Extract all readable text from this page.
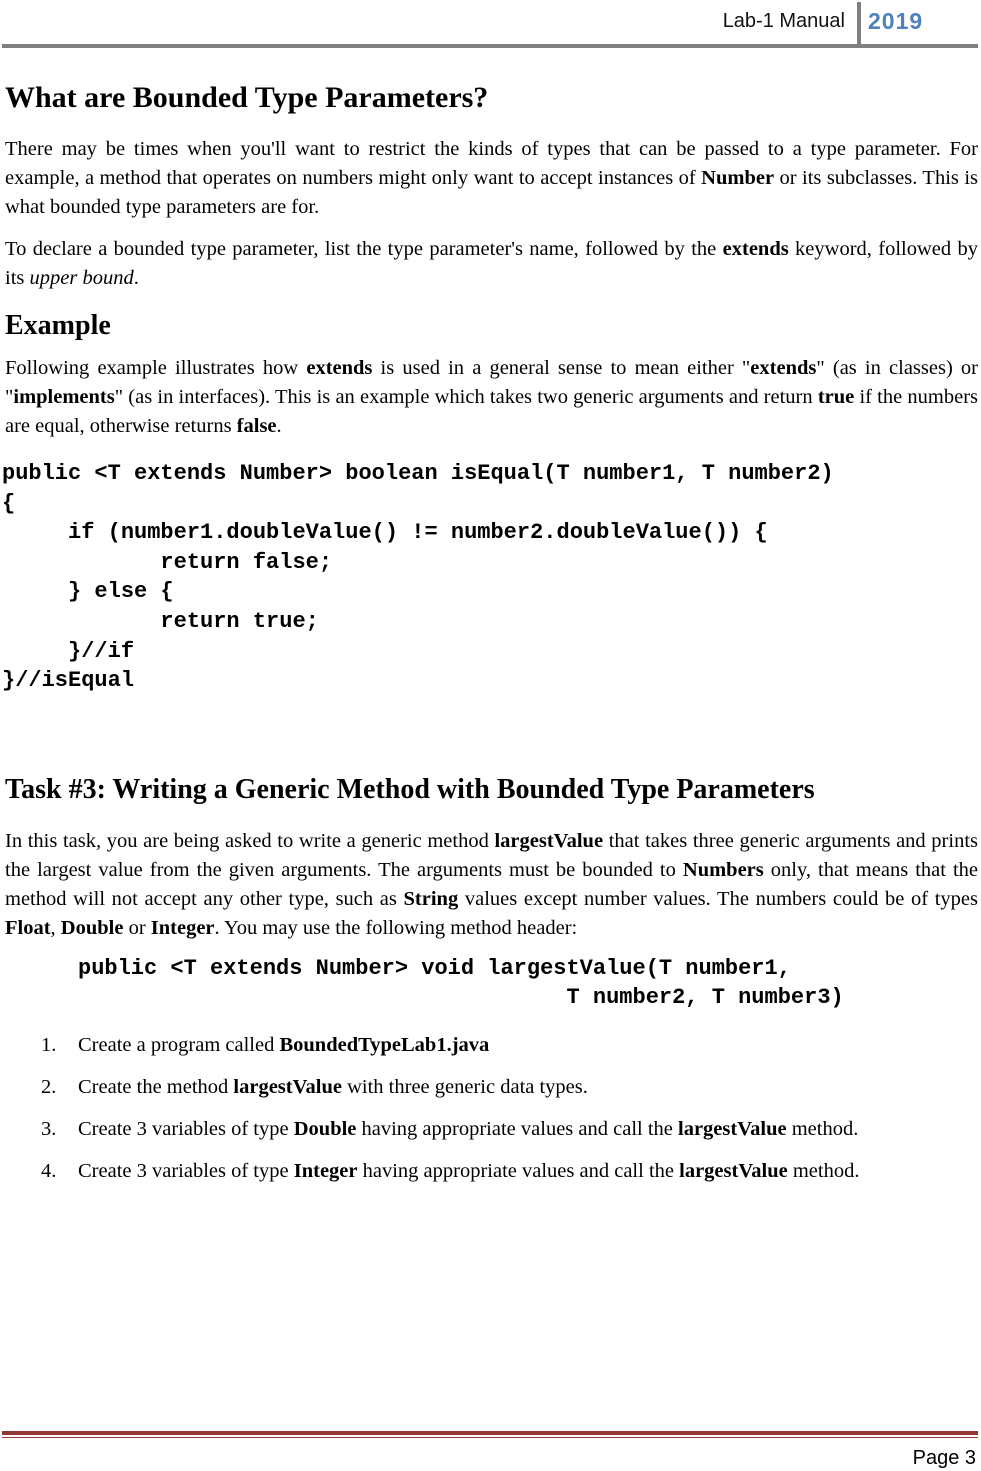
Lab-1 Manual 2019
What are Bounded Type Parameters?

There may be times when you'll want to restrict the kinds of types that can be passed to a type parameter. For example, a method that operates on numbers might only want to accept instances of Number or its subclasses. This is what bounded type parameters are for.

To declare a bounded type parameter, list the type parameter's name, followed by the extends keyword, followed by its upper bound.

Example

Following example illustrates how extends is used in a general sense to mean either "extends" (as in classes) or "implements" (as in interfaces). This is an example which takes two generic arguments and return true if the numbers are equal, otherwise returns false.

public <T extends Number> boolean isEqual(T number1, T number2)
{
if (number1.doubleValue() != number2.doubleValue()) {
return false;
} else {
return true;
}//if
}//isEqual
Task #3: Writing a Generic Method with Bounded Type Parameters

In this task, you are being asked to write a generic method largestValue that takes three generic arguments and prints the largest value from the given arguments. The arguments must be bounded to Numbers only, that means that the method will not accept any other type, such as String values except number values. The numbers could be of types Float, Double or Integer. You may use the following method header:

public <T extends Number> void largestValue(T number1,
T number2, T number3)
1. Create a program called BoundedTypeLab1.java
2. Create the method largestValue with three generic data types.
3. Create 3 variables of type Double having appropriate values and call the largestValue method.
4. Create 3 variables of type Integer having appropriate values and call the largestValue method.
Page 3
